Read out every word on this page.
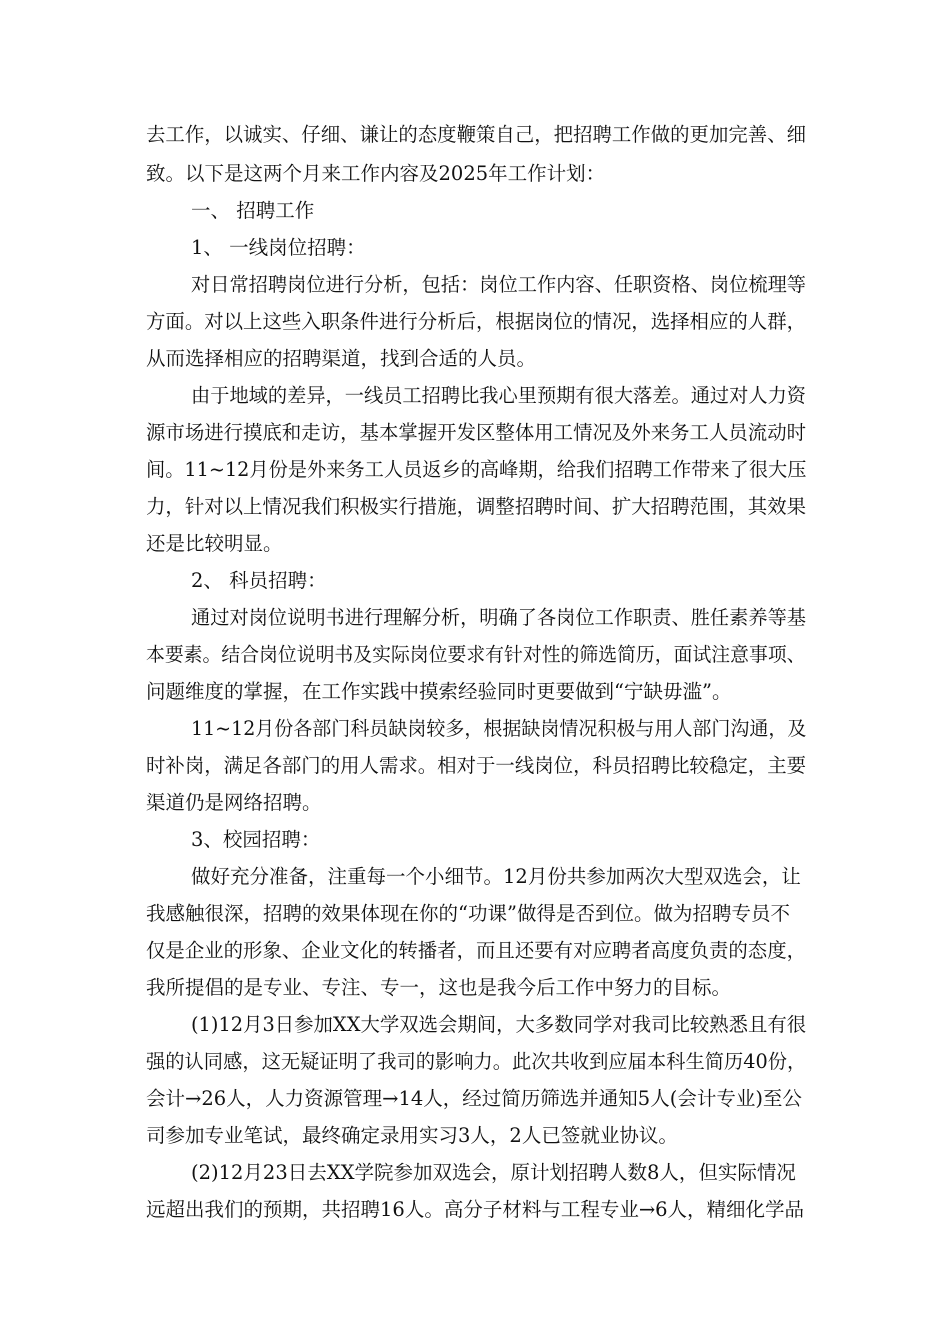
去工作，以诚实、仔细、谦让的态度鞭策自己，把招聘工作做的更加完善、细
致。以下是这两个月来工作内容及2025年工作计划：
一、 招聘工作
1、 一线岗位招聘：
对日常招聘岗位进行分析，包括：岗位工作内容、任职资格、岗位梳理等
方面。对以上这些入职条件进行分析后，根据岗位的情况，选择相应的人群，
从而选择相应的招聘渠道，找到合适的人员。
由于地域的差异，一线员工招聘比我心里预期有很大落差。通过对人力资
源市场进行摸底和走访，基本掌握开发区整体用工情况及外来务工人员流动时
间。11~12月份是外来务工人员返乡的高峰期，给我们招聘工作带来了很大压
力，针对以上情况我们积极实行措施，调整招聘时间、扩大招聘范围，其效果
还是比较明显。
2、 科员招聘：
通过对岗位说明书进行理解分析，明确了各岗位工作职责、胜任素养等基
本要素。结合岗位说明书及实际岗位要求有针对性的筛选简历，面试注意事项、
问题维度的掌握，在工作实践中摸索经验同时更要做到“宁缺毋滥”。
11~12月份各部门科员缺岗较多，根据缺岗情况积极与用人部门沟通，及
时补岗，满足各部门的用人需求。相对于一线岗位，科员招聘比较稳定，主要
渠道仍是网络招聘。
3、校园招聘：
做好充分准备，注重每一个小细节。12月份共参加两次大型双选会，让
我感触很深，招聘的效果体现在你的“功课”做得是否到位。做为招聘专员不
仅是企业的形象、企业文化的转播者，而且还要有对应聘者高度负责的态度，
我所提倡的是专业、专注、专一，这也是我今后工作中努力的目标。
(1)12月3日参加XX大学双选会期间，大多数同学对我司比较熟悉且有很
强的认同感，这无疑证明了我司的影响力。此次共收到应届本科生简历40份，
会计→26人，人力资源管理→14人，经过简历筛选并通知5人(会计专业)至公
司参加专业笔试，最终确定录用实习3人，2人已签就业协议。
(2)12月23日去XX学院参加双选会，原计划招聘人数8人，但实际情况
远超出我们的预期，共招聘16人。高分子材料与工程专业→6人，精细化学品
